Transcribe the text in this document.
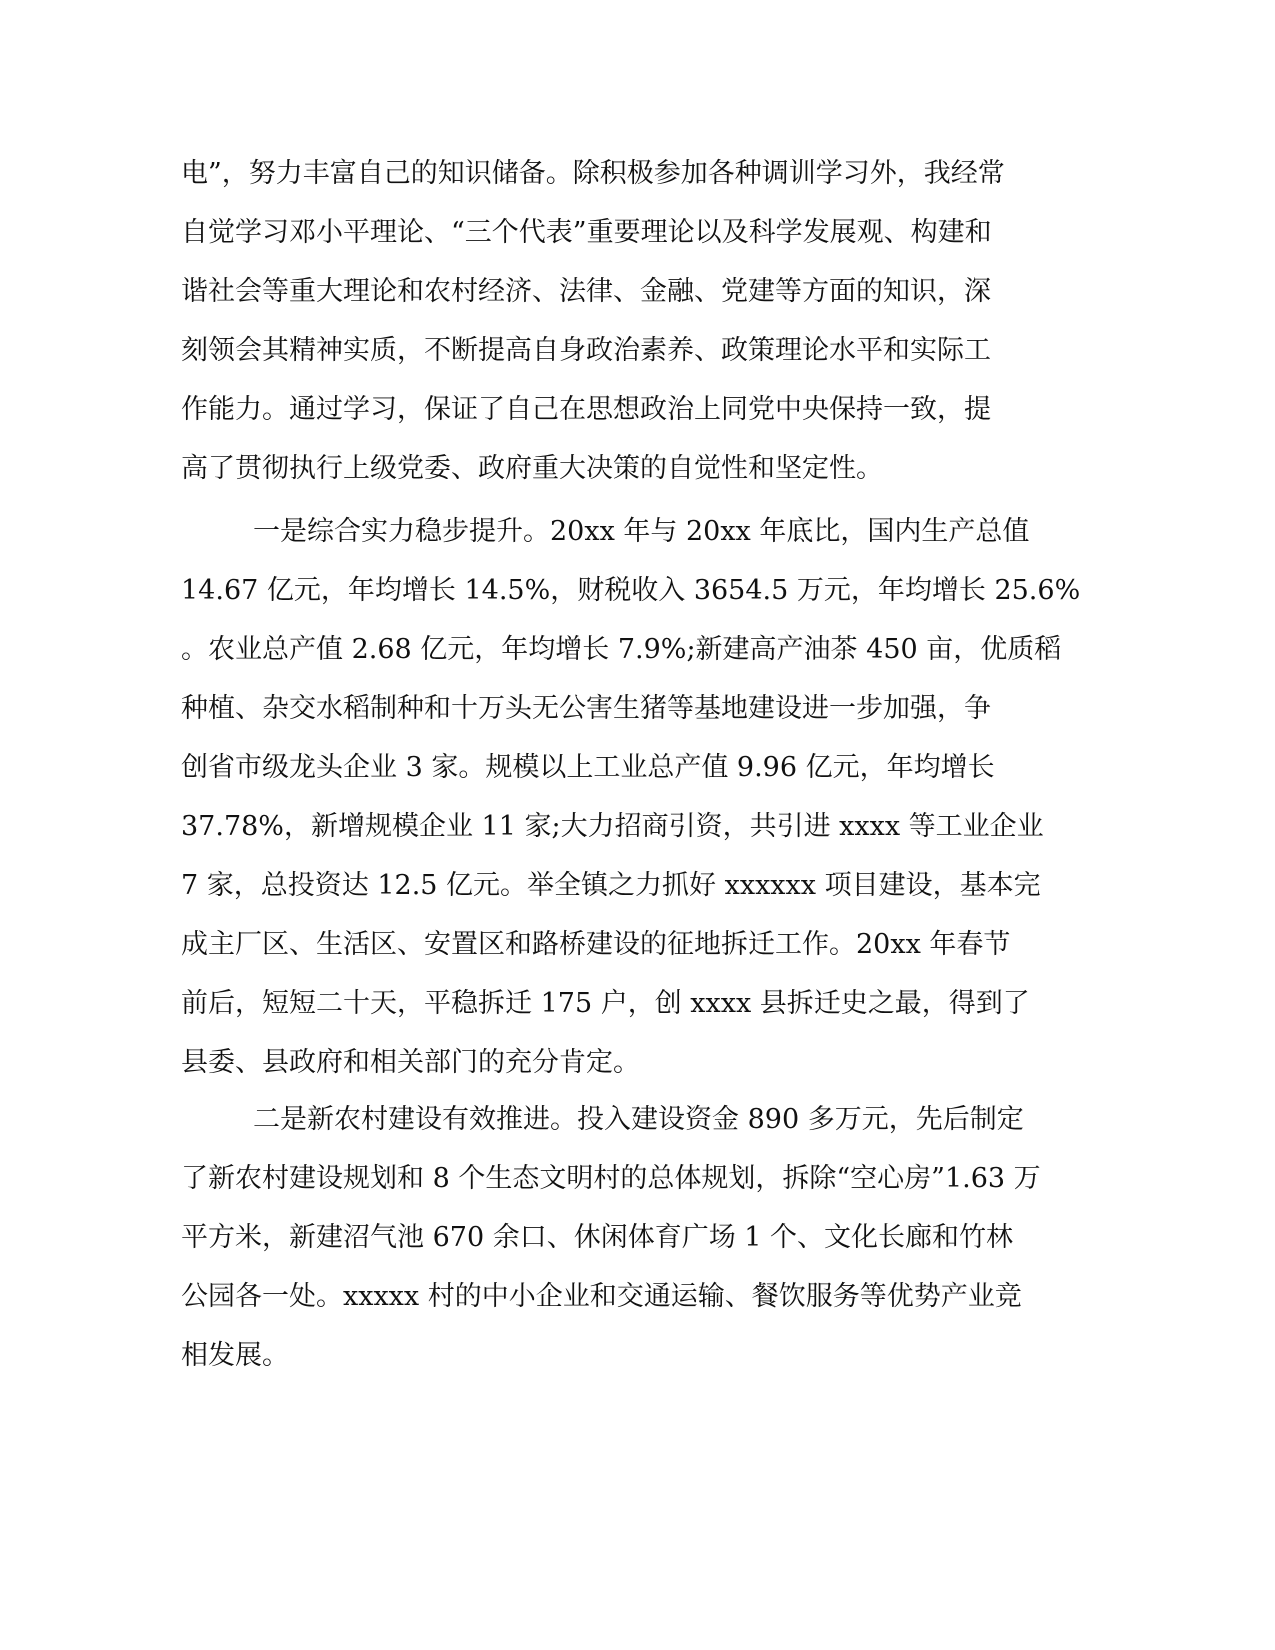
电”，努力丰富自己的知识储备。除积极参加各种调训学习外，我经常
自觉学习邓小平理论、“三个代表”重要理论以及科学发展观、构建和
谐社会等重大理论和农村经济、法律、金融、党建等方面的知识，深
刻领会其精神实质，不断提高自身政治素养、政策理论水平和实际工
作能力。通过学习，保证了自己在思想政治上同党中央保持一致，提
高了贯彻执行上级党委、政府重大决策的自觉性和坚定性。
一是综合实力稳步提升。20xx 年与 20xx 年底比，国内生产总值
14.67 亿元，年均增长 14.5%，财税收入 3654.5 万元，年均增长 25.6%
。农业总产值 2.68 亿元，年均增长 7.9%;新建高产油茶 450 亩，优质稻
种植、杂交水稻制种和十万头无公害生猪等基地建设进一步加强，争
创省市级龙头企业 3 家。规模以上工业总产值 9.96 亿元，年均增长
37.78%，新增规模企业 11 家;大力招商引资，共引进 xxxx 等工业企业
7 家，总投资达 12.5 亿元。举全镇之力抓好 xxxxxx 项目建设，基本完
成主厂区、生活区、安置区和路桥建设的征地拆迁工作。20xx 年春节
前后，短短二十天，平稳拆迁 175 户，创 xxxx 县拆迁史之最，得到了
县委、县政府和相关部门的充分肯定。
二是新农村建设有效推进。投入建设资金 890 多万元，先后制定
了新农村建设规划和 8 个生态文明村的总体规划，拆除“空心房”1.63 万
平方米，新建沼气池 670 余口、休闲体育广场 1 个、文化长廊和竹林
公园各一处。xxxxx 村的中小企业和交通运输、餐饮服务等优势产业竞
相发展。
